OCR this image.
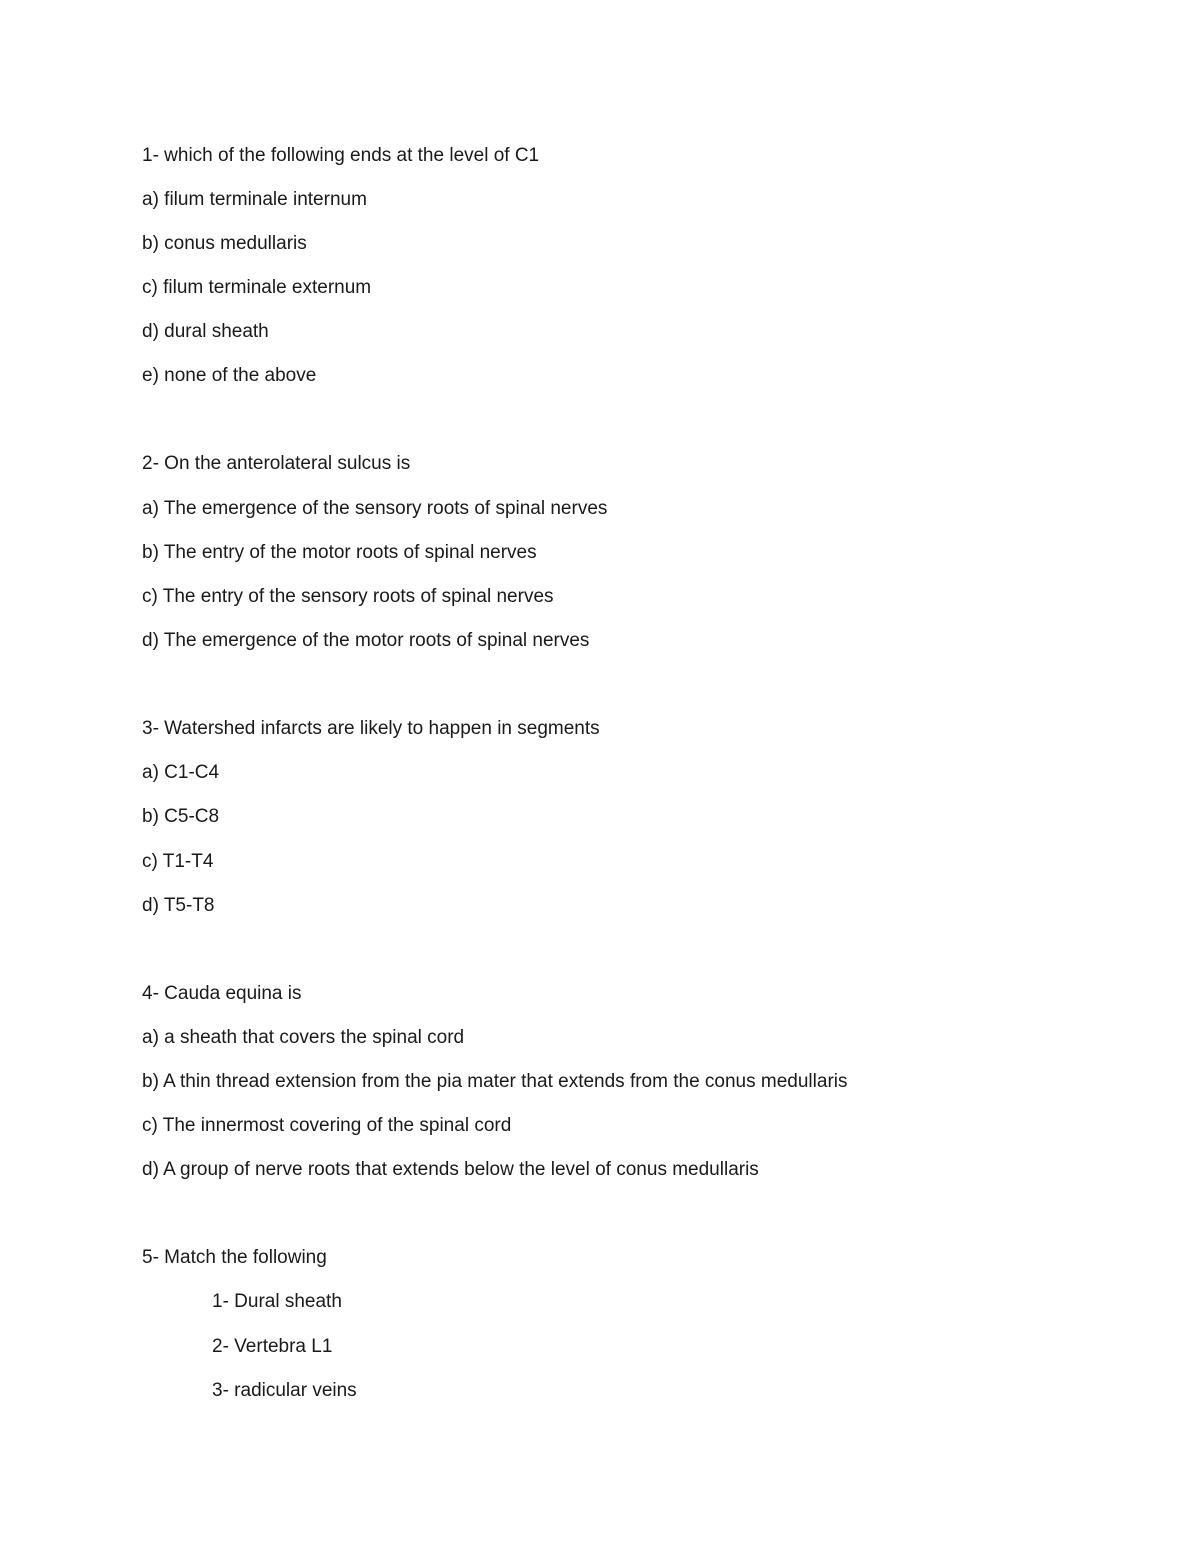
1- which of the following ends at the level of C1
a) filum terminale internum
b) conus medullaris
c) filum terminale externum
d) dural sheath
e) none of the above
2- On the anterolateral sulcus is
a) The emergence of the sensory roots of spinal nerves
b) The entry of the motor roots of spinal nerves
c) The entry of the sensory roots of spinal nerves
d) The emergence of the motor roots of spinal nerves
3- Watershed infarcts are likely to happen in segments
a) C1-C4
b) C5-C8
c) T1-T4
d) T5-T8
4- Cauda equina is
a) a sheath that covers the spinal cord
b) A thin thread extension from the pia mater that extends from the conus medullaris
c) The innermost covering of the spinal cord
d) A group of nerve roots that extends below the level of conus medullaris
5- Match the following
1- Dural sheath
2- Vertebra L1
3- radicular veins
